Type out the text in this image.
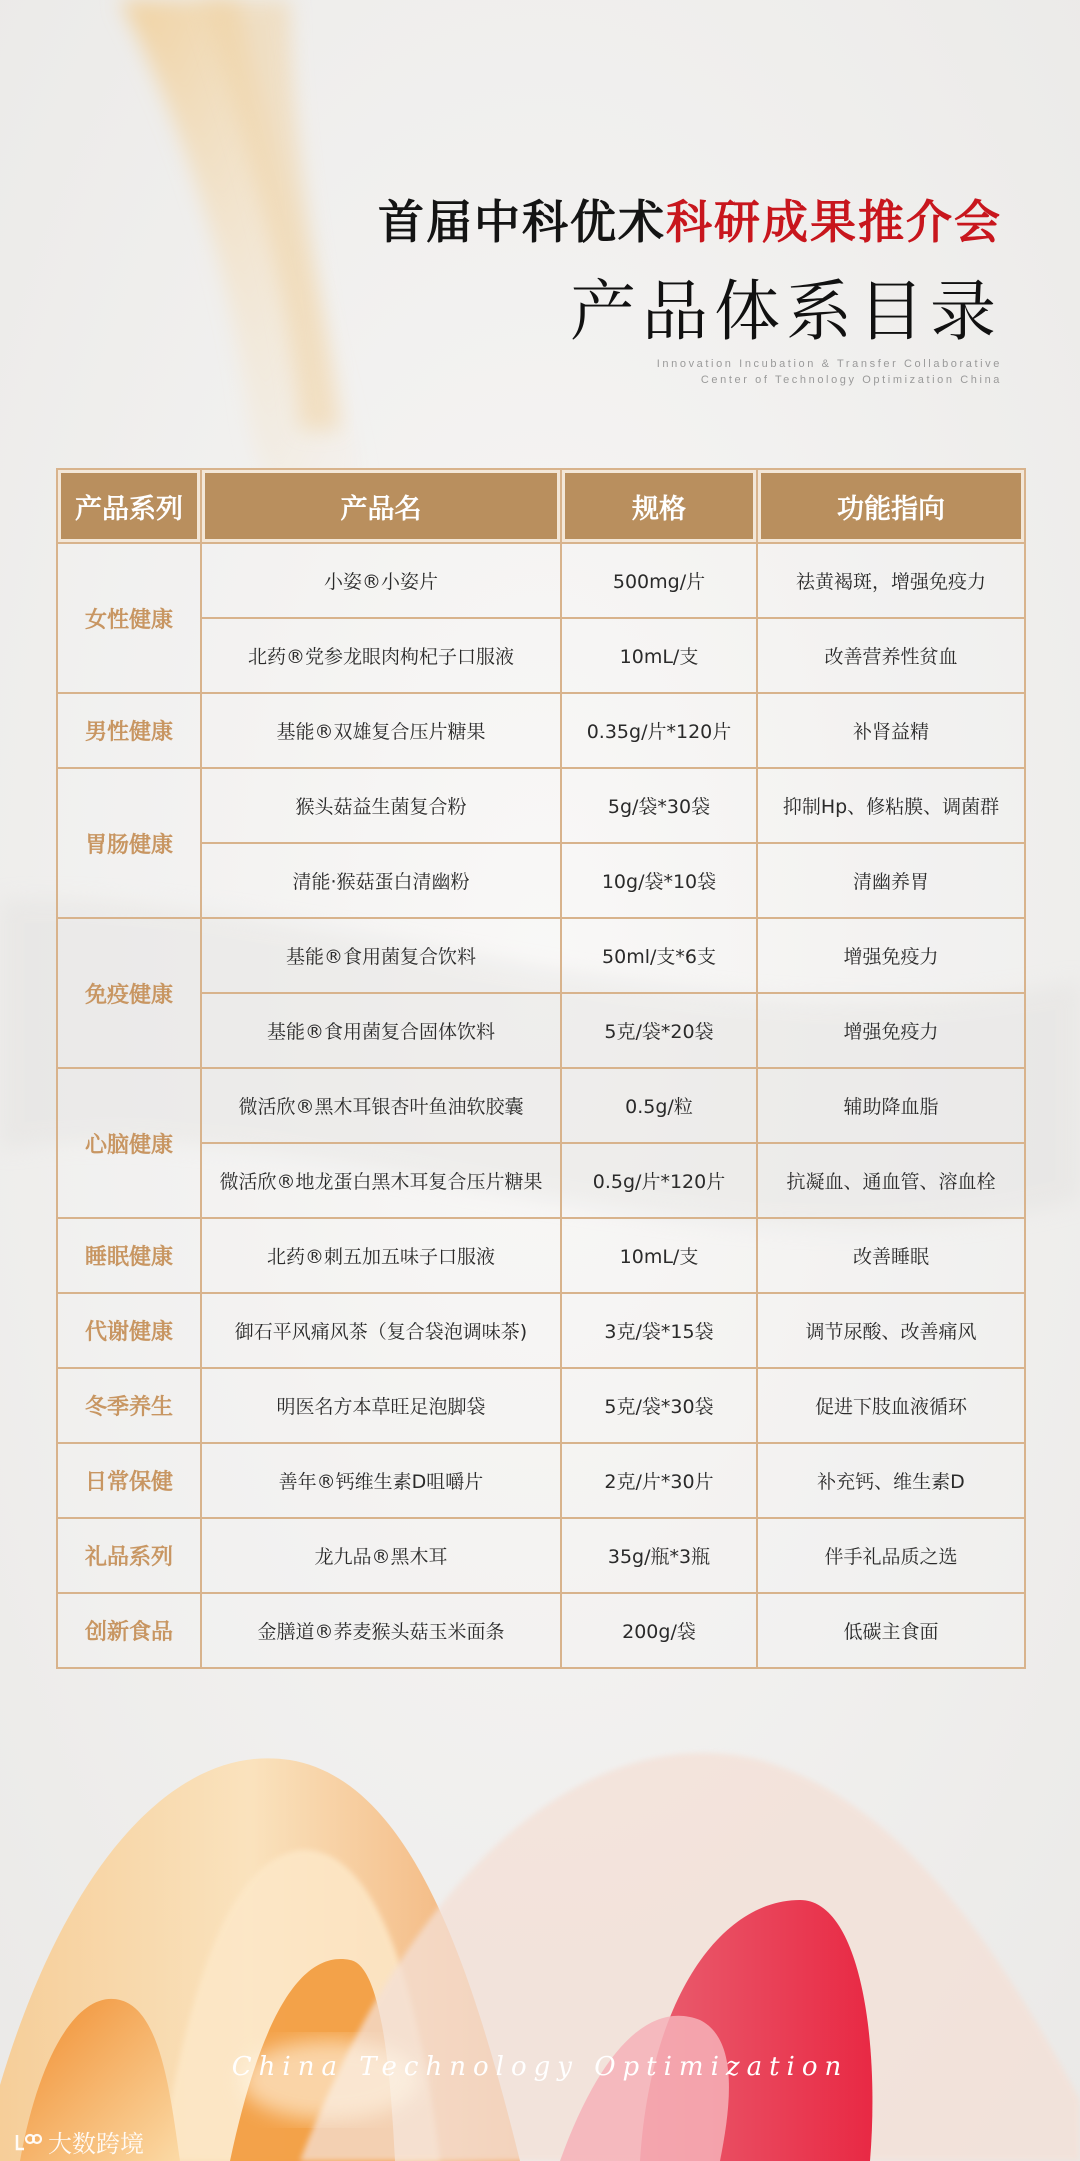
首届中科优术科研成果推介会
产品体系目录
Innovation Incubation & Transfer Collaborative
Center of Technology Optimization China
产品系列	产品名	规格	功能指向
女性健康	小姿®小姿片	500mg/片	祛黄褐斑，增强免疫力
	北药®党参龙眼肉枸杞子口服液	10mL/支	改善营养性贫血
男性健康	基能®双雄复合压片糖果	0.35g/片*120片	补肾益精
胃肠健康	猴头菇益生菌复合粉	5g/袋*30袋	抑制Hp、修粘膜、调菌群
	清能·猴菇蛋白清幽粉	10g/袋*10袋	清幽养胃
免疫健康	基能®食用菌复合饮料	50ml/支*6支	增强免疫力
	基能®食用菌复合固体饮料	5克/袋*20袋	增强免疫力
心脑健康	微活欣®黑木耳银杏叶鱼油软胶囊	0.5g/粒	辅助降血脂
	微活欣®地龙蛋白黑木耳复合压片糖果	0.5g/片*120片	抗凝血、通血管、溶血栓
睡眠健康	北药®刺五加五味子口服液	10mL/支	改善睡眠
代谢健康	御石平风痛风茶（复合袋泡调味茶)	3克/袋*15袋	调节尿酸、改善痛风
冬季养生	明医名方本草旺足泡脚袋	5克/袋*30袋	促进下肢血液循环
日常保健	善年®钙维生素D咀嚼片	2克/片*30片	补充钙、维生素D
礼品系列	龙九品®黑木耳	35g/瓶*3瓶	伴手礼品质之选
创新食品	金膳道®荞麦猴头菇玉米面条	200g/袋	低碳主食面
China Technology Optimization
大数跨境
